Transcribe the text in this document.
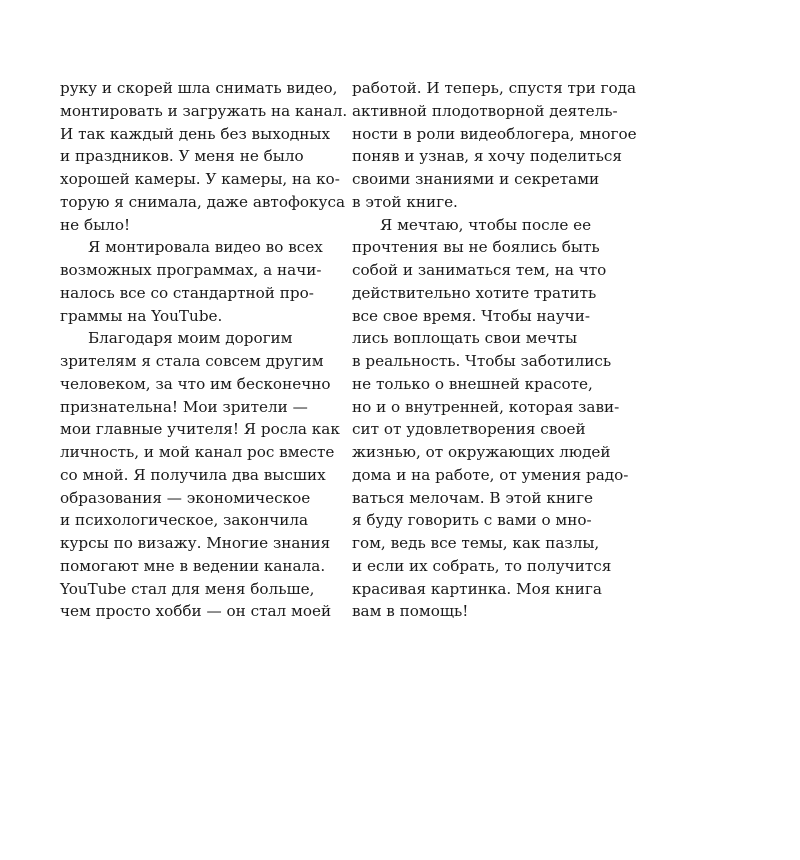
руку и скорей шла снимать видео,
монтировать и загружать на канал.
И так каждый день без выходных
и праздников. У меня не было
хорошей камеры. У камеры, на ко-
торую я снимала, даже автофокуса
не было!
Я монтировала видео во всех
возможных программах, а начи-
налось все со стандартной про-
граммы на YouTube.
Благодаря моим дорогим
зрителям я стала совсем другим
человеком, за что им бесконечно
признательна! Мои зрители —
мои главные учителя! Я росла как
личность, и мой канал рос вместе
со мной. Я получила два высших
образования — экономическое
и психологическое, закончила
курсы по визажу. Многие знания
помогают мне в ведении канала.
YouTube стал для меня больше,
чем просто хобби — он стал моей
работой. И теперь, спустя три года
активной плодотворной деятель-
ности в роли видеоблогера, многое
поняв и узнав, я хочу поделиться
своими знаниями и секретами
в этой книге.
Я мечтаю, чтобы после ее
прочтения вы не боялись быть
собой и заниматься тем, на что
действительно хотите тратить
все свое время. Чтобы научи-
лись воплощать свои мечты
в реальность. Чтобы заботились
не только о внешней красоте,
но и о внутренней, которая зави-
сит от удовлетворения своей
жизнью, от окружающих людей
дома и на работе, от умения радо-
ваться мелочам. В этой книге
я буду говорить с вами о мно-
гом, ведь все темы, как пазлы,
и если их собрать, то получится
красивая картинка. Моя книга
вам в помощь!
